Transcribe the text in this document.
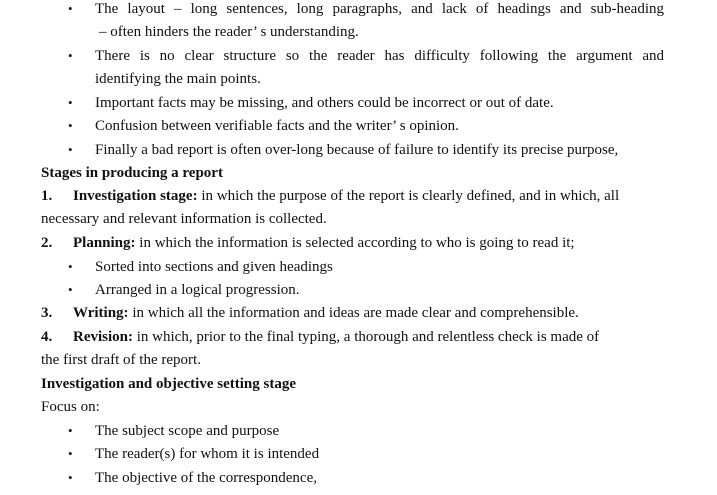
• The layout – long sentences, long paragraphs, and lack of headings and sub-heading
– often hinders the reader’ s understanding.
• There is no clear structure so the reader has difficulty following the argument and
identifying the main points.
• Important facts may be missing, and others could be incorrect or out of date.
• Confusion between verifiable facts and the writer’ s opinion.
• Finally a bad report is often over-long because of failure to identify its precise purpose,
Stages in producing a report
1. Investigation stage: in which the purpose of the report is clearly defined, and in which, all
necessary and relevant information is collected.
2. Planning: in which the information is selected according to who is going to read it;
• Sorted into sections and given headings
• Arranged in a logical progression.
3. Writing: in which all the information and ideas are made clear and comprehensible.
4. Revision: in which, prior to the final typing, a thorough and relentless check is made of
the first draft of the report.
Investigation and objective setting stage
Focus on:
• The subject scope and purpose
• The reader(s) for whom it is intended
• The objective of the correspondence,
